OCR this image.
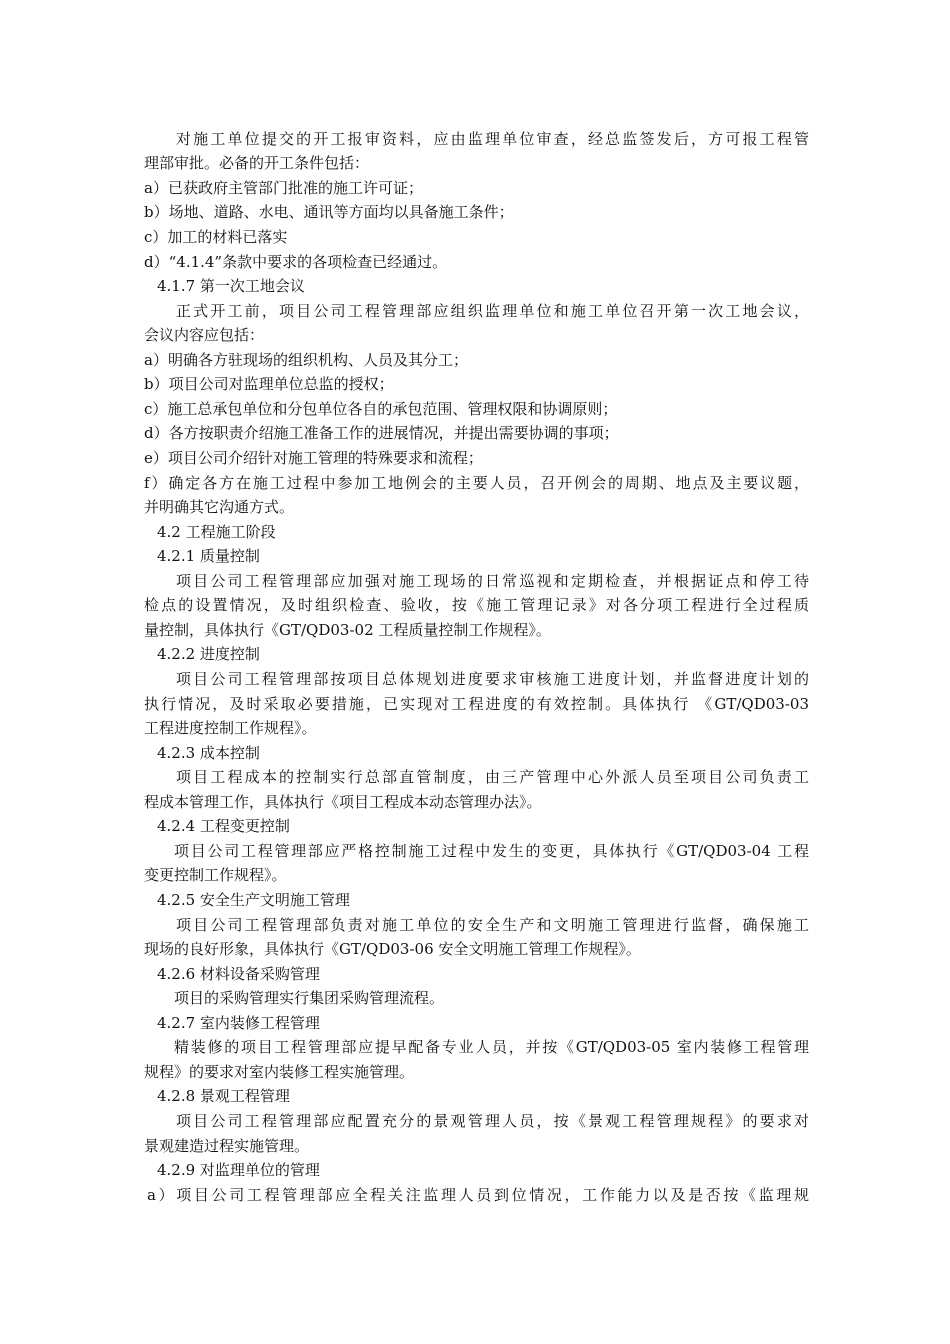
对施工单位提交的开工报审资料，应由监理单位审查，经总监签发后，方可报工程管
理部审批。必备的开工条件包括：
a）已获政府主管部门批准的施工许可证；
b）场地、道路、水电、通讯等方面均以具备施工条件；
c）加工的材料已落实
d）“4.1.4”条款中要求的各项检查已经通过。
4.1.7 第一次工地会议
正式开工前，项目公司工程管理部应组织监理单位和施工单位召开第一次工地会议，
会议内容应包括：
a）明确各方驻现场的组织机构、人员及其分工；
b）项目公司对监理单位总监的授权；
c）施工总承包单位和分包单位各自的承包范围、管理权限和协调原则；
d）各方按职责介绍施工准备工作的进展情况，并提出需要协调的事项；
e）项目公司介绍针对施工管理的特殊要求和流程；
f）确定各方在施工过程中参加工地例会的主要人员，召开例会的周期、地点及主要议题，
并明确其它沟通方式。
4.2 工程施工阶段
4.2.1 质量控制
项目公司工程管理部应加强对施工现场的日常巡视和定期检查，并根据证点和停工待
检点的设置情况，及时组织检查、验收，按《施工管理记录》对各分项工程进行全过程质
量控制，具体执行《GT/QD03-02 工程质量控制工作规程》。
4.2.2 进度控制
项目公司工程管理部按项目总体规划进度要求审核施工进度计划，并监督进度计划的
执行情况，及时采取必要措施，已实现对工程进度的有效控制。具体执行 《GT/QD03-03
工程进度控制工作规程》。
4.2.3 成本控制
项目工程成本的控制实行总部直管制度，由三产管理中心外派人员至项目公司负责工
程成本管理工作，具体执行《项目工程成本动态管理办法》。
4.2.4 工程变更控制
项目公司工程管理部应严格控制施工过程中发生的变更，具体执行《GT/QD03-04 工程
变更控制工作规程》。
4.2.5 安全生产文明施工管理
项目公司工程管理部负责对施工单位的安全生产和文明施工管理进行监督，确保施工
现场的良好形象，具体执行《GT/QD03-06 安全文明施工管理工作规程》。
4.2.6 材料设备采购管理
项目的采购管理实行集团采购管理流程。
4.2.7 室内装修工程管理
精装修的项目工程管理部应提早配备专业人员，并按《GT/QD03-05 室内装修工程管理
规程》的要求对室内装修工程实施管理。
4.2.8 景观工程管理
项目公司工程管理部应配置充分的景观管理人员，按《景观工程管理规程》的要求对
景观建造过程实施管理。
4.2.9 对监理单位的管理
a）项目公司工程管理部应全程关注监理人员到位情况，工作能力以及是否按《监理规
